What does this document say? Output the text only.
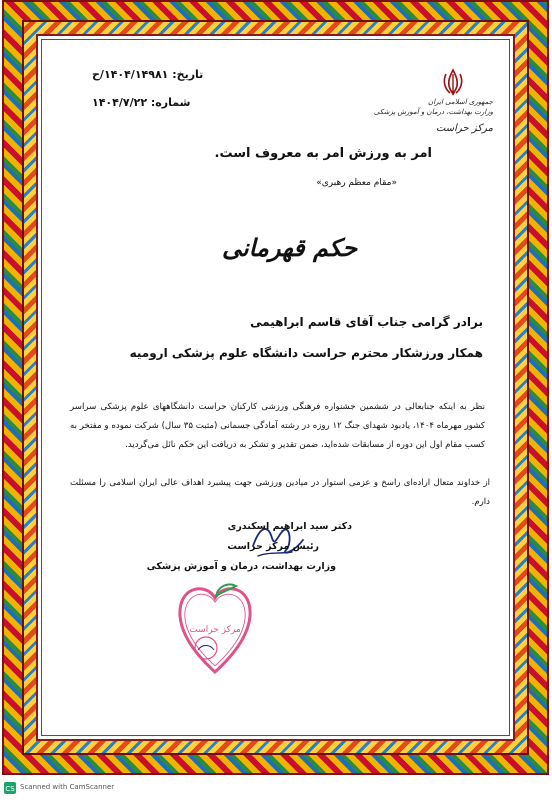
جمهوری اسلامی ایران
وزارت بهداشت، درمان و آموزش پزشکی
مرکز حراست
تاریخ: ۱۴۰۴/۱۴۹۸۱/ح
شماره: ۱۴۰۴/۷/۲۲
امر به ورزش امر به معروف است.
«مقام معظم رهبری»
حکم قهرمانی
برادر گرامی جناب آقای قاسم ابراهیمی
همکار ورزشکار محترم حراست دانشگاه علوم پزشکی ارومیه
نظر به اینکه جنابعالی در ششمین جشنواره فرهنگی ورزشی کارکنان حراست دانشگاههای علوم پزشکی سراسر کشور مهرماه ۱۴۰۴، یادبود شهدای جنگ ۱۲ روزه در رشته آمادگی جسمانی (مثبت ۳۵ سال) شرکت نموده و مفتخر به کسب مقام اول این دوره از مسابقات شده‌اید، ضمن تقدیر و تشکر به دریافت این حکم نائل می‌گردید.
از خداوند متعال اراده‌ای راسخ و عزمی استوار در میادین ورزشی جهت پیشبرد اهداف عالی ایران اسلامی را مسئلت دارم.
دکتر سید ابراهیم اسکندری
رئیس مرکز حراست
وزارت بهداشت، درمان و آموزش پزشکی
مرکز حراست
CS Scanned with CamScanner
